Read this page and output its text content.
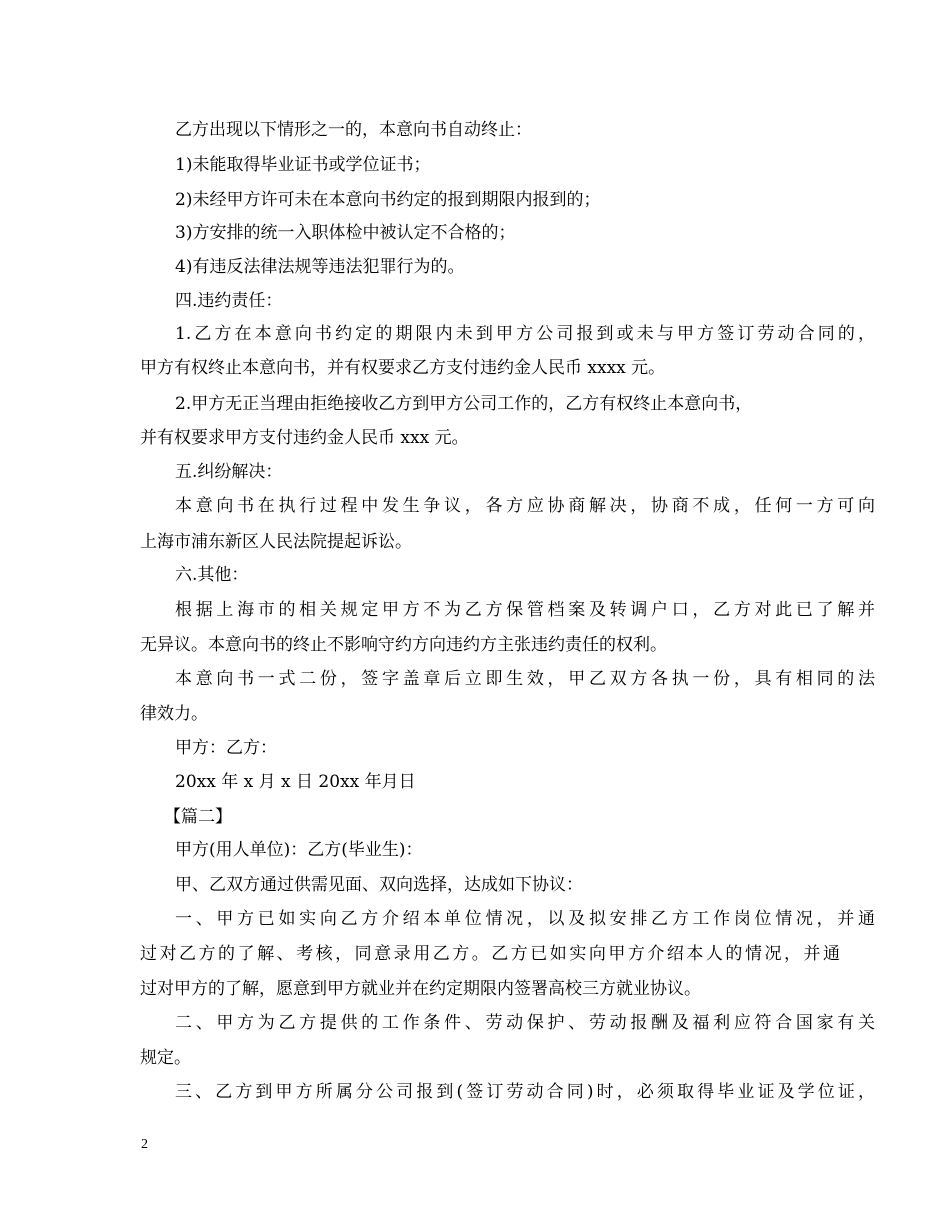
乙方出现以下情形之一的，本意向书自动终止：
1)未能取得毕业证书或学位证书；
2)未经甲方许可未在本意向书约定的报到期限内报到的；
3)方安排的统一入职体检中被认定不合格的；
4)有违反法律法规等违法犯罪行为的。
四.违约责任：
1.乙方在本意向书约定的期限内未到甲方公司报到或未与甲方签订劳动合同的，
甲方有权终止本意向书，并有权要求乙方支付违约金人民币 xxxx 元。
2.甲方无正当理由拒绝接收乙方到甲方公司工作的，乙方有权终止本意向书，
并有权要求甲方支付违约金人民币 xxx 元。
五.纠纷解决：
本意向书在执行过程中发生争议，各方应协商解决，协商不成，任何一方可向
上海市浦东新区人民法院提起诉讼。
六.其他：
根据上海市的相关规定甲方不为乙方保管档案及转调户口，乙方对此已了解并
无异议。本意向书的终止不影响守约方向违约方主张违约责任的权利。
本意向书一式二份，签字盖章后立即生效，甲乙双方各执一份，具有相同的法
律效力。
甲方：乙方：
20xx 年 x 月 x 日 20xx 年月日
【篇二】
甲方(用人单位)：乙方(毕业生)：
甲、乙双方通过供需见面、双向选择，达成如下协议：
一、甲方已如实向乙方介绍本单位情况，以及拟安排乙方工作岗位情况，并通
过对乙方的了解、考核，同意录用乙方。乙方已如实向甲方介绍本人的情况，并通
过对甲方的了解，愿意到甲方就业并在约定期限内签署高校三方就业协议。
二、甲方为乙方提供的工作条件、劳动保护、劳动报酬及福利应符合国家有关
规定。
三、乙方到甲方所属分公司报到(签订劳动合同)时，必须取得毕业证及学位证，
2
